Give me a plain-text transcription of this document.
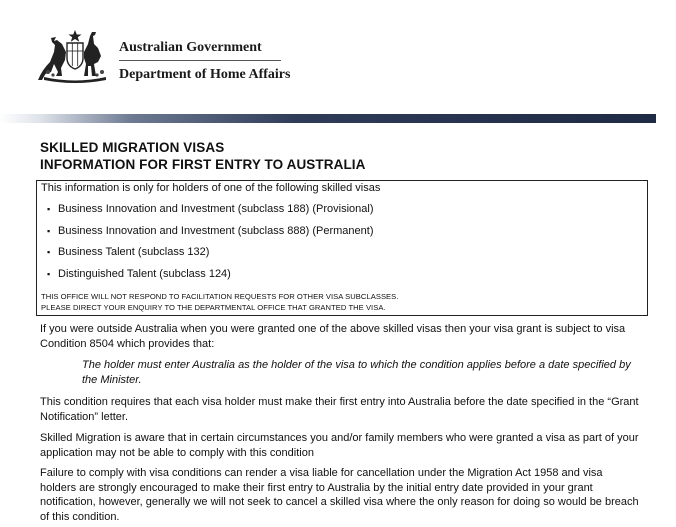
Australian Government
Department of Home Affairs
SKILLED MIGRATION VISAS
INFORMATION FOR FIRST ENTRY TO AUSTRALIA
This information is only for holders of one of the following skilled visas
▪ Business Innovation and Investment (subclass 188) (Provisional)
▪ Business Innovation and Investment (subclass 888) (Permanent)
▪ Business Talent (subclass 132)
▪ Distinguished Talent (subclass 124)
THIS OFFICE WILL NOT RESPOND TO FACILITATION REQUESTS FOR OTHER VISA SUBCLASSES.
PLEASE DIRECT YOUR ENQUIRY TO THE DEPARTMENTAL OFFICE THAT GRANTED THE VISA.

If you were outside Australia when you were granted one of the above skilled visas then your visa grant is subject to visa Condition 8504 which provides that:

The holder must enter Australia as the holder of the visa to which the condition applies before a date specified by the Minister.

This condition requires that each visa holder must make their first entry into Australia before the date specified in the “Grant Notification” letter.

Skilled Migration is aware that in certain circumstances you and/or family members who were granted a visa as part of your application may not be able to comply with this condition

Failure to comply with visa conditions can render a visa liable for cancellation under the Migration Act 1958 and visa holders are strongly encouraged to make their first entry to Australia by the initial entry date provided in your grant notification, however, generally we will not seek to cancel a skilled visa where the only reason for doing so would be breach of this condition.
